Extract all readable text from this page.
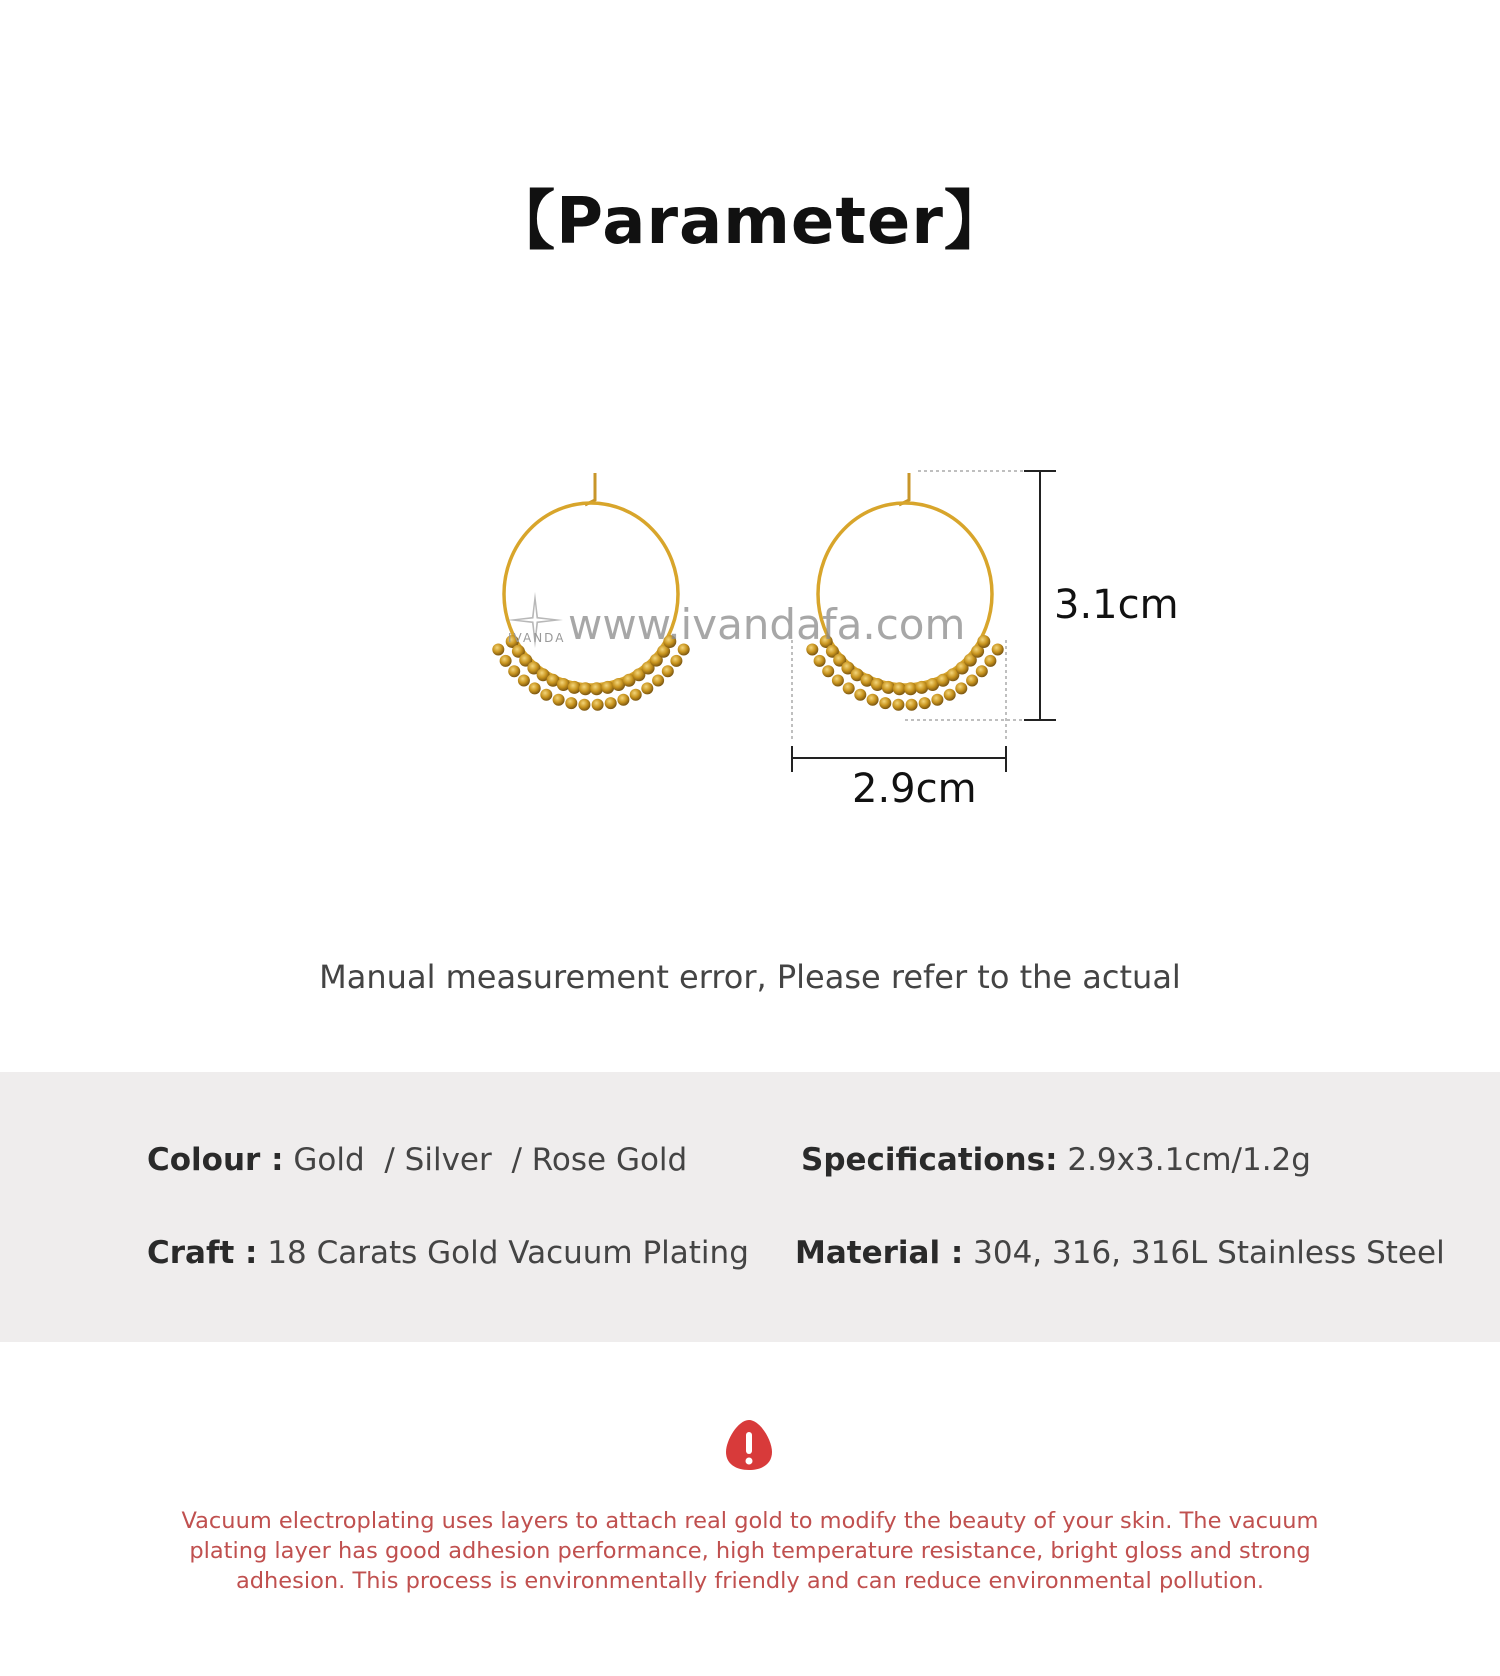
【Parameter】
IVANDA www.ivandafa.com 3.1cm
2.9cm
Manual measurement error, Please refer to the actual
Colour : Gold  / Silver  / Rose Gold	Specifications: 2.9x3.1cm/1.2g
Craft : 18 Carats Gold Vacuum Plating Material : 304, 316, 316L Stainless Steel
Vacuum electroplating uses layers to attach real gold to modify the beauty of your skin. The vacuum plating layer has good adhesion performance, high temperature resistance, bright gloss and strong adhesion. This process is environmentally friendly and can reduce environmental pollution.
